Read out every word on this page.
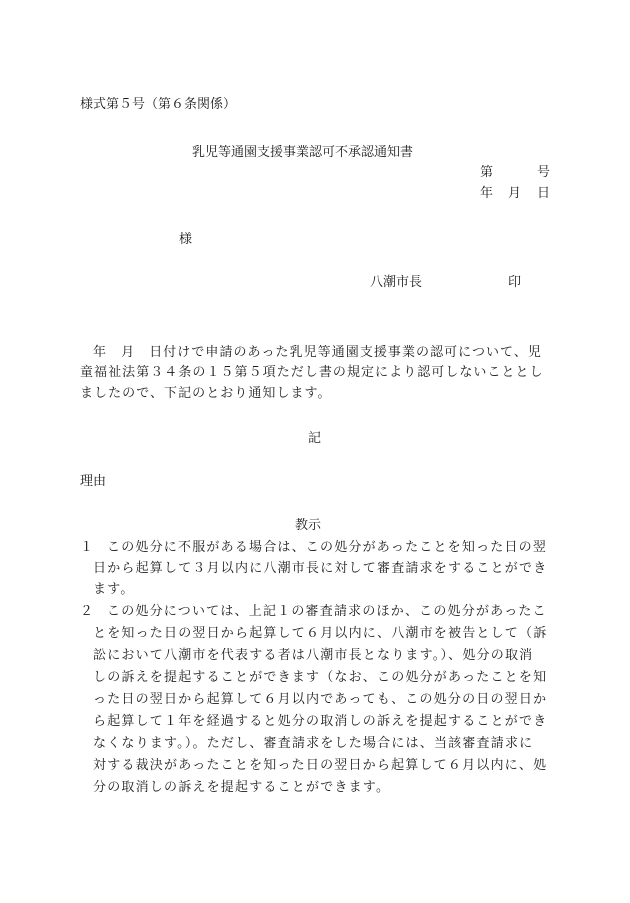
様式第５号（第６条関係）
乳児等通園支援事業認可不承認通知書
第	号
年 月 日
様
八潮市長	印
年　月　日付けで申請のあった乳児等通園支援事業の認可について、児
童福祉法第３４条の１５第５項ただし書の規定により認可しないこととし
ましたので、下記のとおり通知します。
記
理由
教示
１ この処分に不服がある場合は、この処分があったことを知った日の翌
日から起算して３月以内に八潮市長に対して審査請求をすることができ
ます。
２ この処分については、上記１の審査請求のほか、この処分があったこ
とを知った日の翌日から起算して６月以内に、八潮市を被告として（訴
訟において八潮市を代表する者は八潮市長となります。）、処分の取消
しの訴えを提起することができます（なお、この処分があったことを知
った日の翌日から起算して６月以内であっても、この処分の日の翌日か
ら起算して１年を経過すると処分の取消しの訴えを提起することができ
なくなります。）。ただし、審査請求をした場合には、当該審査請求に
対する裁決があったことを知った日の翌日から起算して６月以内に、処
分の取消しの訴えを提起することができます。
